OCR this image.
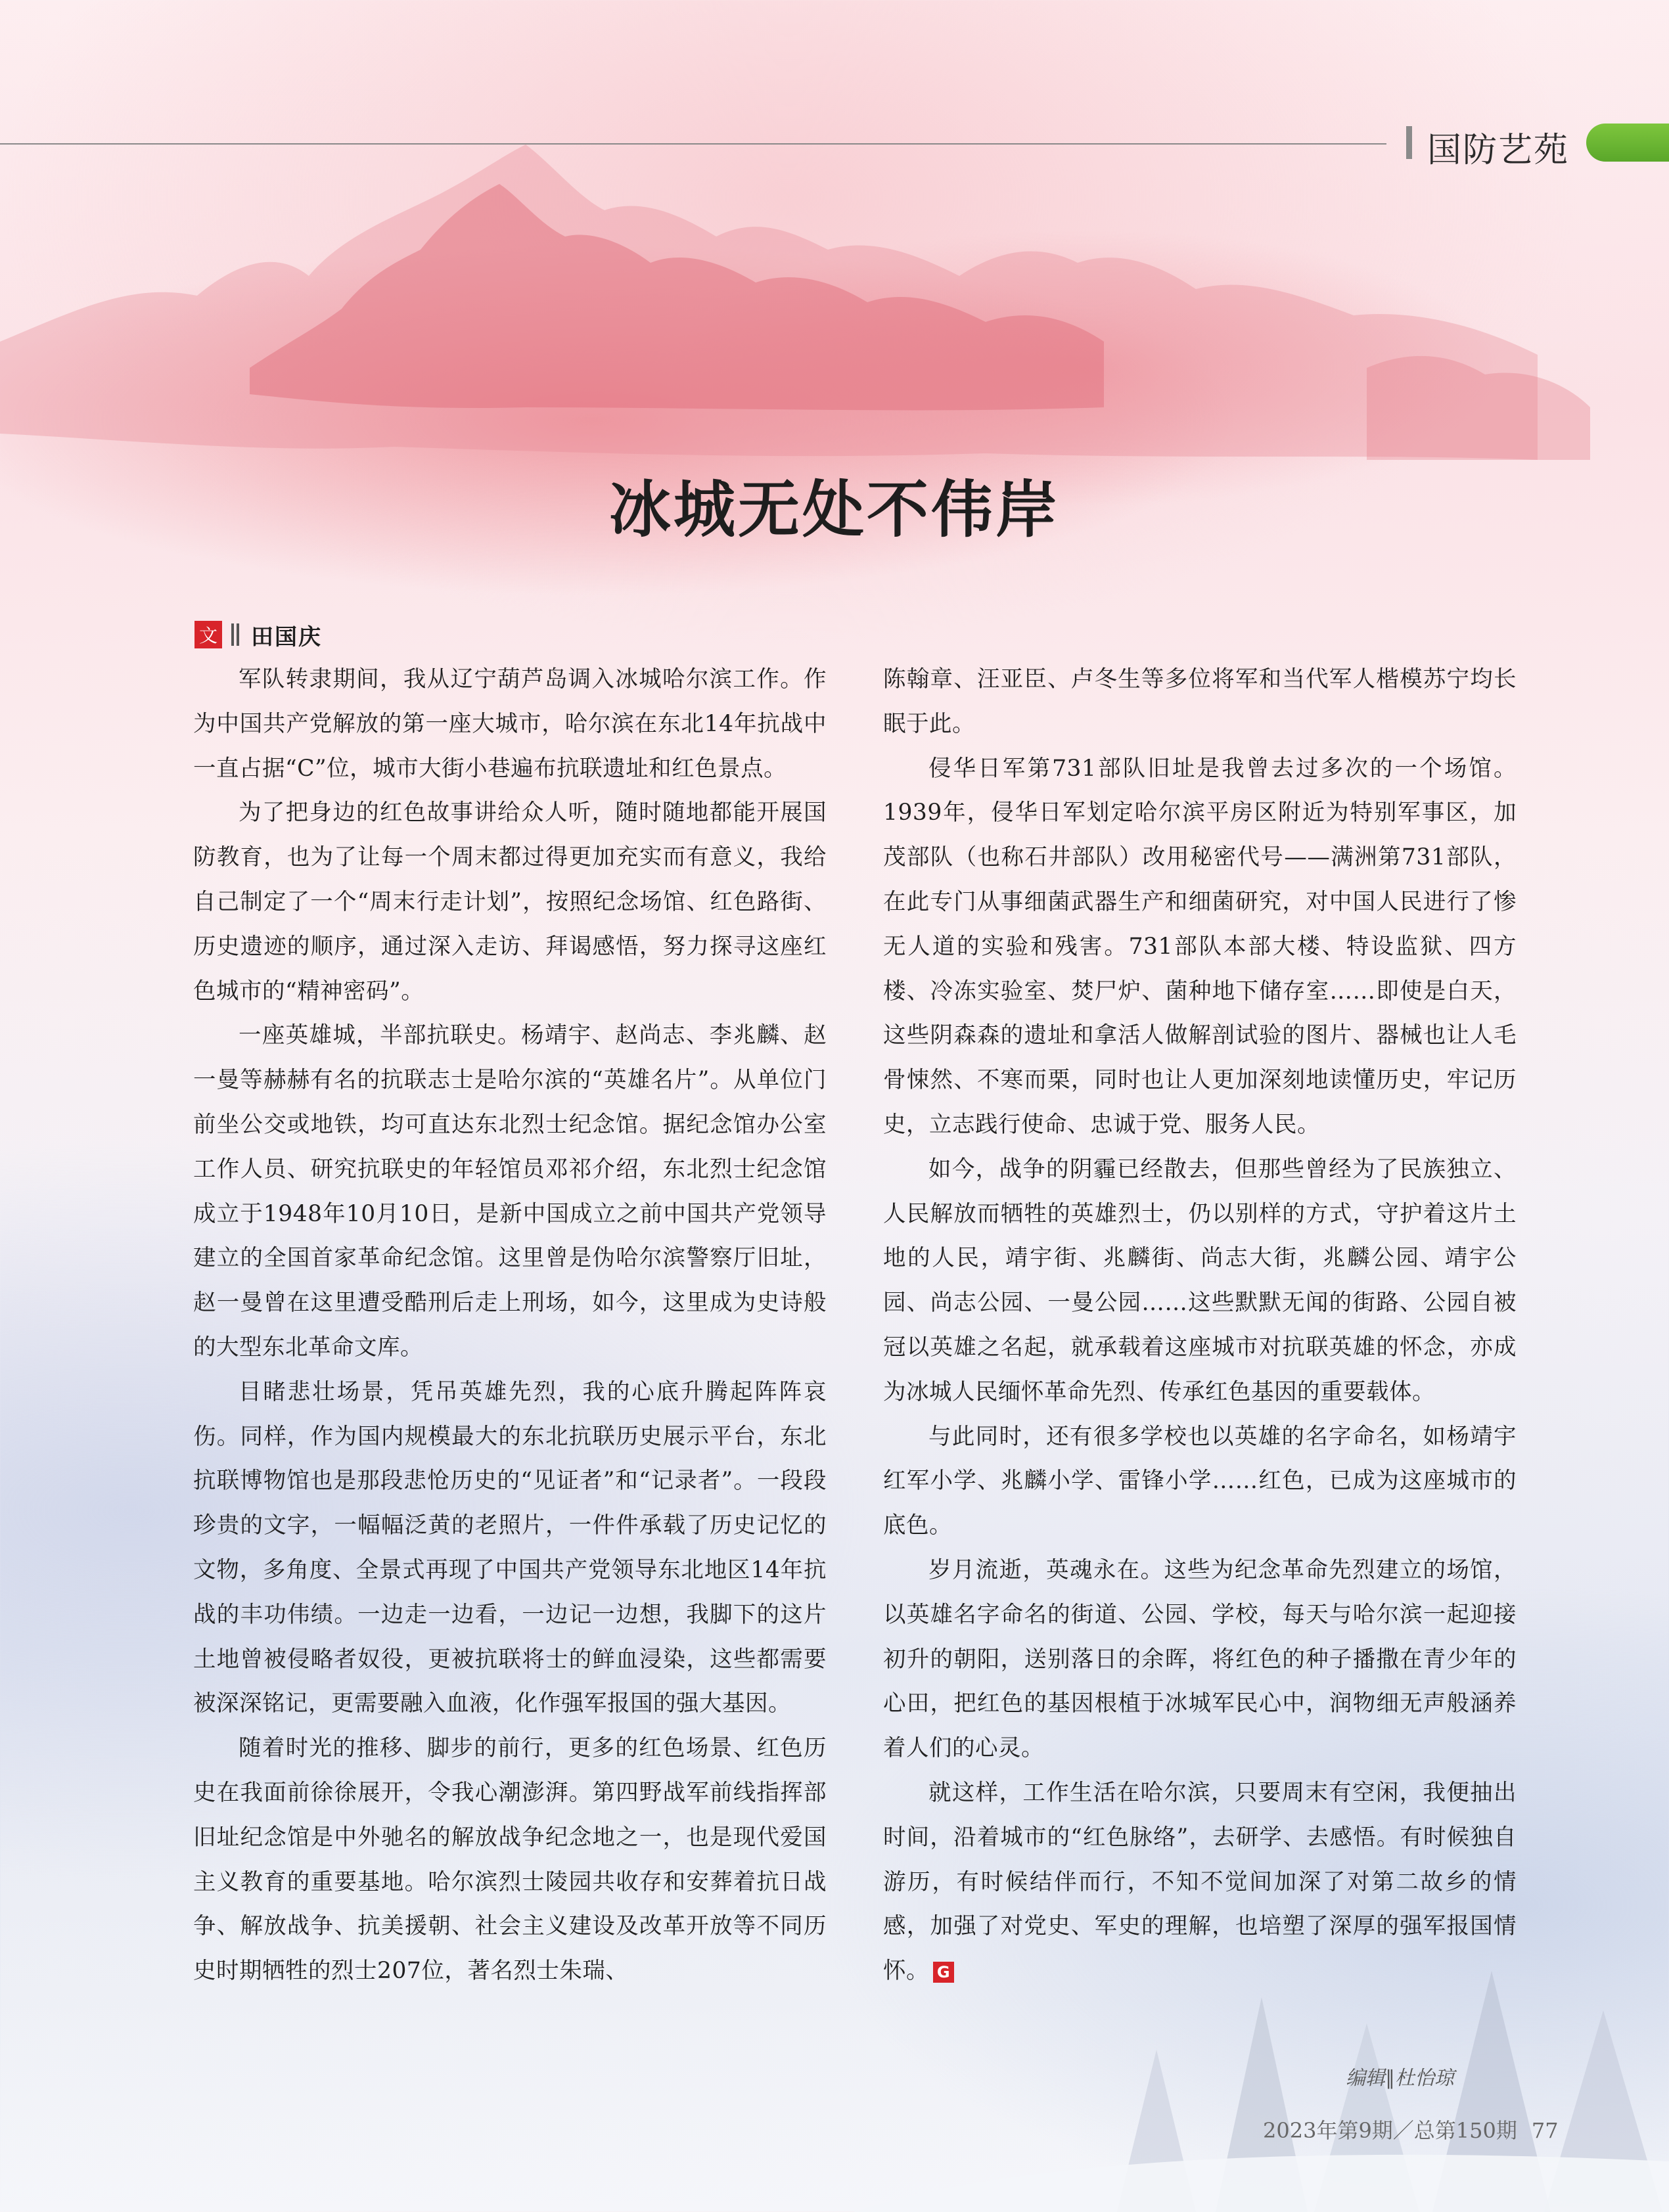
国防艺苑
冰城无处不伟岸
文 田国庆

军队转隶期间，我从辽宁葫芦岛调入冰城哈尔滨工作。作为中国共产党解放的第一座大城市，哈尔滨在东北14年抗战中一直占据“C”位，城市大街小巷遍布抗联遗址和红色景点。

为了把身边的红色故事讲给众人听，随时随地都能开展国防教育，也为了让每一个周末都过得更加充实而有意义，我给自己制定了一个“周末行走计划”，按照纪念场馆、红色路街、历史遗迹的顺序，通过深入走访、拜谒感悟，努力探寻这座红色城市的“精神密码”。

一座英雄城，半部抗联史。杨靖宇、赵尚志、李兆麟、赵一曼等赫赫有名的抗联志士是哈尔滨的“英雄名片”。从单位门前坐公交或地铁，均可直达东北烈士纪念馆。据纪念馆办公室工作人员、研究抗联史的年轻馆员邓祁介绍，东北烈士纪念馆成立于1948年10月10日，是新中国成立之前中国共产党领导建立的全国首家革命纪念馆。这里曾是伪哈尔滨警察厅旧址，赵一曼曾在这里遭受酷刑后走上刑场，如今，这里成为史诗般的大型东北革命文库。

目睹悲壮场景，凭吊英雄先烈，我的心底升腾起阵阵哀伤。同样，作为国内规模最大的东北抗联历史展示平台，东北抗联博物馆也是那段悲怆历史的“见证者”和“记录者”。一段段珍贵的文字，一幅幅泛黄的老照片，一件件承载了历史记忆的文物，多角度、全景式再现了中国共产党领导东北地区14年抗战的丰功伟绩。一边走一边看，一边记一边想，我脚下的这片土地曾被侵略者奴役，更被抗联将士的鲜血浸染，这些都需要被深深铭记，更需要融入血液，化作强军报国的强大基因。

随着时光的推移、脚步的前行，更多的红色场景、红色历史在我面前徐徐展开，令我心潮澎湃。第四野战军前线指挥部旧址纪念馆是中外驰名的解放战争纪念地之一，也是现代爱国主义教育的重要基地。哈尔滨烈士陵园共收存和安葬着抗日战争、解放战争、抗美援朝、社会主义建设及改革开放等不同历史时期牺牲的烈士207位，著名烈士朱瑞、

陈翰章、汪亚臣、卢冬生等多位将军和当代军人楷模苏宁均长眠于此。

侵华日军第731部队旧址是我曾去过多次的一个场馆。1939年，侵华日军划定哈尔滨平房区附近为特别军事区，加茂部队（也称石井部队）改用秘密代号——满洲第731部队，在此专门从事细菌武器生产和细菌研究，对中国人民进行了惨无人道的实验和残害。731部队本部大楼、特设监狱、四方楼、冷冻实验室、焚尸炉、菌种地下储存室……即使是白天，这些阴森森的遗址和拿活人做解剖试验的图片、器械也让人毛骨悚然、不寒而栗，同时也让人更加深刻地读懂历史，牢记历史，立志践行使命、忠诚于党、服务人民。

如今，战争的阴霾已经散去，但那些曾经为了民族独立、人民解放而牺牲的英雄烈士，仍以别样的方式，守护着这片土地的人民，靖宇街、兆麟街、尚志大街，兆麟公园、靖宇公园、尚志公园、一曼公园……这些默默无闻的街路、公园自被冠以英雄之名起，就承载着这座城市对抗联英雄的怀念，亦成为冰城人民缅怀革命先烈、传承红色基因的重要载体。

与此同时，还有很多学校也以英雄的名字命名，如杨靖宇红军小学、兆麟小学、雷锋小学……红色，已成为这座城市的底色。

岁月流逝，英魂永在。这些为纪念革命先烈建立的场馆，以英雄名字命名的街道、公园、学校，每天与哈尔滨一起迎接初升的朝阳，送别落日的余晖，将红色的种子播撒在青少年的心田，把红色的基因根植于冰城军民心中，润物细无声般涵养着人们的心灵。

就这样，工作生活在哈尔滨，只要周末有空闲，我便抽出时间，沿着城市的“红色脉络”，去研学、去感悟。有时候独自游历，有时候结伴而行，不知不觉间加深了对第二故乡的情感，加强了对党史、军史的理解，也培塑了深厚的强军报国情怀。 G

编辑∥杜怡琼
2023年第9期／总第150期 77
